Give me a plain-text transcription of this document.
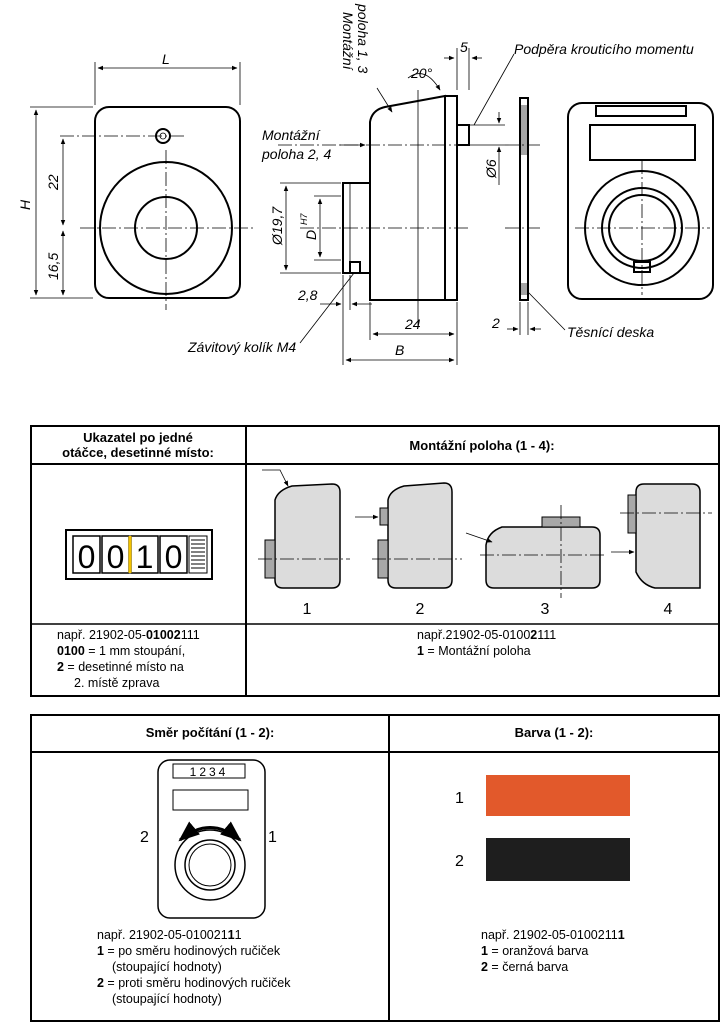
L
H
22
16,5
Montážní poloha 1, 3	20°
5	Podpěra krouticího momentu
Montážní
poloha 2, 4
Ø6
Ø19,7 D
H7
2,8
24
B
Závitový kolík M4
2
Těsnící deska
Ukazatel po jedné
otáčce, desetinné místo:	Montážní poloha (1 - 4):
0 0 1 0
1	2	3	4
např. 21902-05-01002111
0100 = 1 mm stoupání,
2 = desetinné místo na
2. místě zprava
např.21902-05-01002111
1 = Montážní poloha
Směr počítání (1 - 2):	Barva (1 - 2):
1234
2	1
např. 21902-05-01002111
1 = po směru hodinových ručiček
(stoupající hodnoty)
2 = proti směru hodinových ručiček
(stoupající hodnoty)
1
2
např. 21902-05-01002111
1 = oranžová barva
2 = černá barva
